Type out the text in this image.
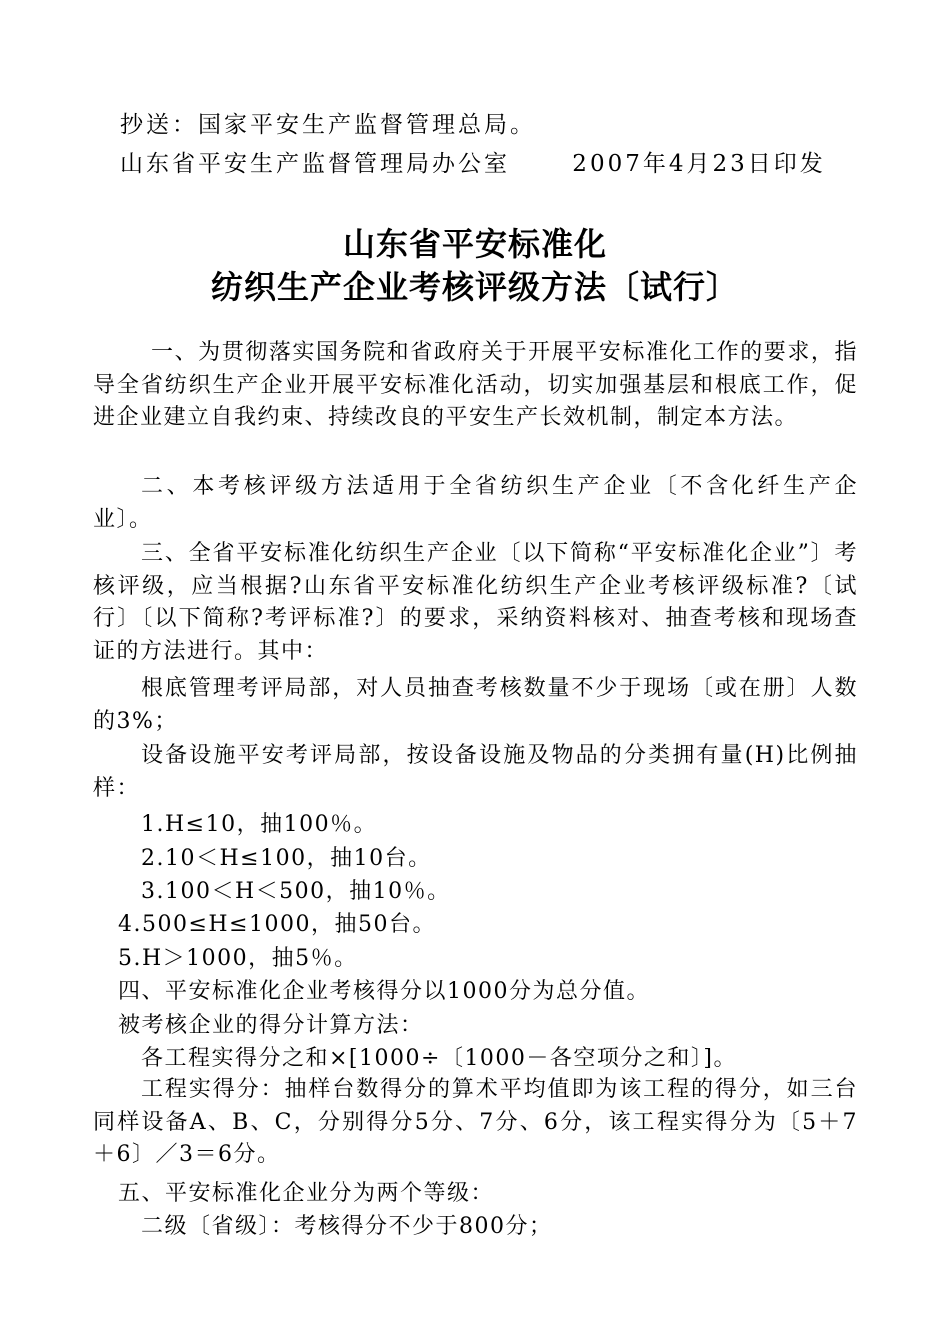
抄送：国家平安生产监督管理总局。
山东省平安生产监督管理局办公室　 　2007年4月23日印发
山东省平安标准化
纺织生产企业考核评级方法〔试行〕
一、为贯彻落实国务院和省政府关于开展平安标准化工作的要求，指导全省纺织生产企业开展平安标准化活动，切实加强基层和根底工作，促进企业建立自我约束、持续改良的平安生产长效机制，制定本方法。
二、本考核评级方法适用于全省纺织生产企业〔不含化纤生产企业〕。
三、全省平安标准化纺织生产企业〔以下简称“平安标准化企业”〕考核评级，应当根据?山东省平安标准化纺织生产企业考核评级标准?〔试行〕〔以下简称?考评标准?〕的要求，采纳资料核对、抽查考核和现场查证的方法进行。其中：
根底管理考评局部，对人员抽查考核数量不少于现场〔或在册〕人数的3%；
设备设施平安考评局部，按设备设施及物品的分类拥有量(H)比例抽样：
1.H≤10，抽100％。
2.10＜H≤100，抽10台。
3.100＜H＜500，抽10％。
4.500≤H≤1000，抽50台。
5.H＞1000，抽5％。
四、平安标准化企业考核得分以1000分为总分值。
被考核企业的得分计算方法：
各工程实得分之和×[1000÷〔1000－各空项分之和〕]。
工程实得分：抽样台数得分的算术平均值即为该工程的得分，如三台同样设备A、B、C，分别得分5分、7分、6分，该工程实得分为〔5＋7＋6〕／3＝6分。
五、平安标准化企业分为两个等级：
二级〔省级〕：考核得分不少于800分；
